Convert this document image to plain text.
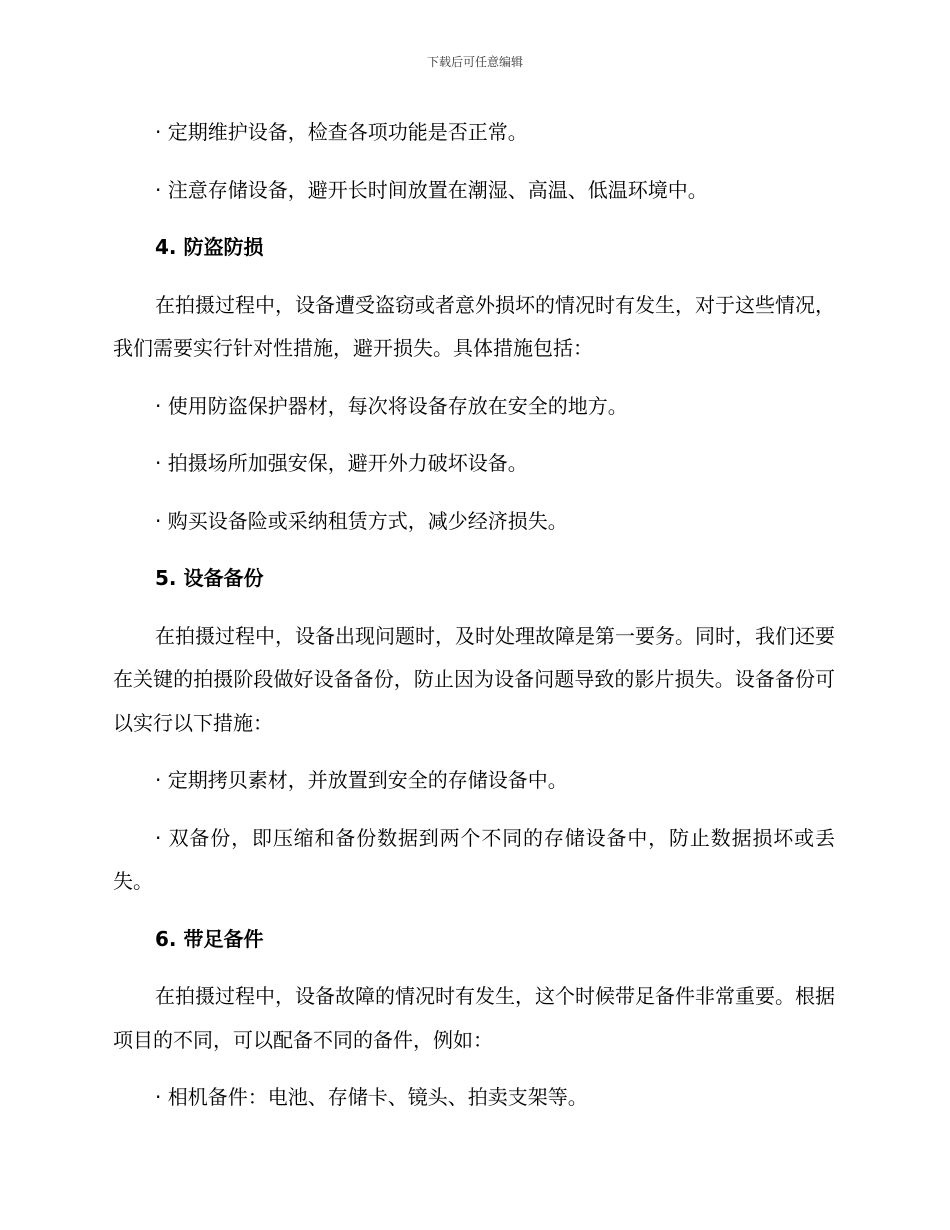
下载后可任意编辑

· 定期维护设备，检查各项功能是否正常。

· 注意存储设备，避开长时间放置在潮湿、高温、低温环境中。

4. 防盗防损

在拍摄过程中，设备遭受盗窃或者意外损坏的情况时有发生，对于这些情况，我们需要实行针对性措施，避开损失。具体措施包括：

· 使用防盗保护器材，每次将设备存放在安全的地方。

· 拍摄场所加强安保，避开外力破坏设备。

· 购买设备险或采纳租赁方式，减少经济损失。

5. 设备备份

在拍摄过程中，设备出现问题时，及时处理故障是第一要务。同时，我们还要在关键的拍摄阶段做好设备备份，防止因为设备问题导致的影片损失。设备备份可以实行以下措施：

· 定期拷贝素材，并放置到安全的存储设备中。

· 双备份，即压缩和备份数据到两个不同的存储设备中，防止数据损坏或丢失。

6. 带足备件

在拍摄过程中，设备故障的情况时有发生，这个时候带足备件非常重要。根据项目的不同，可以配备不同的备件，例如：

· 相机备件：电池、存储卡、镜头、拍卖支架等。
